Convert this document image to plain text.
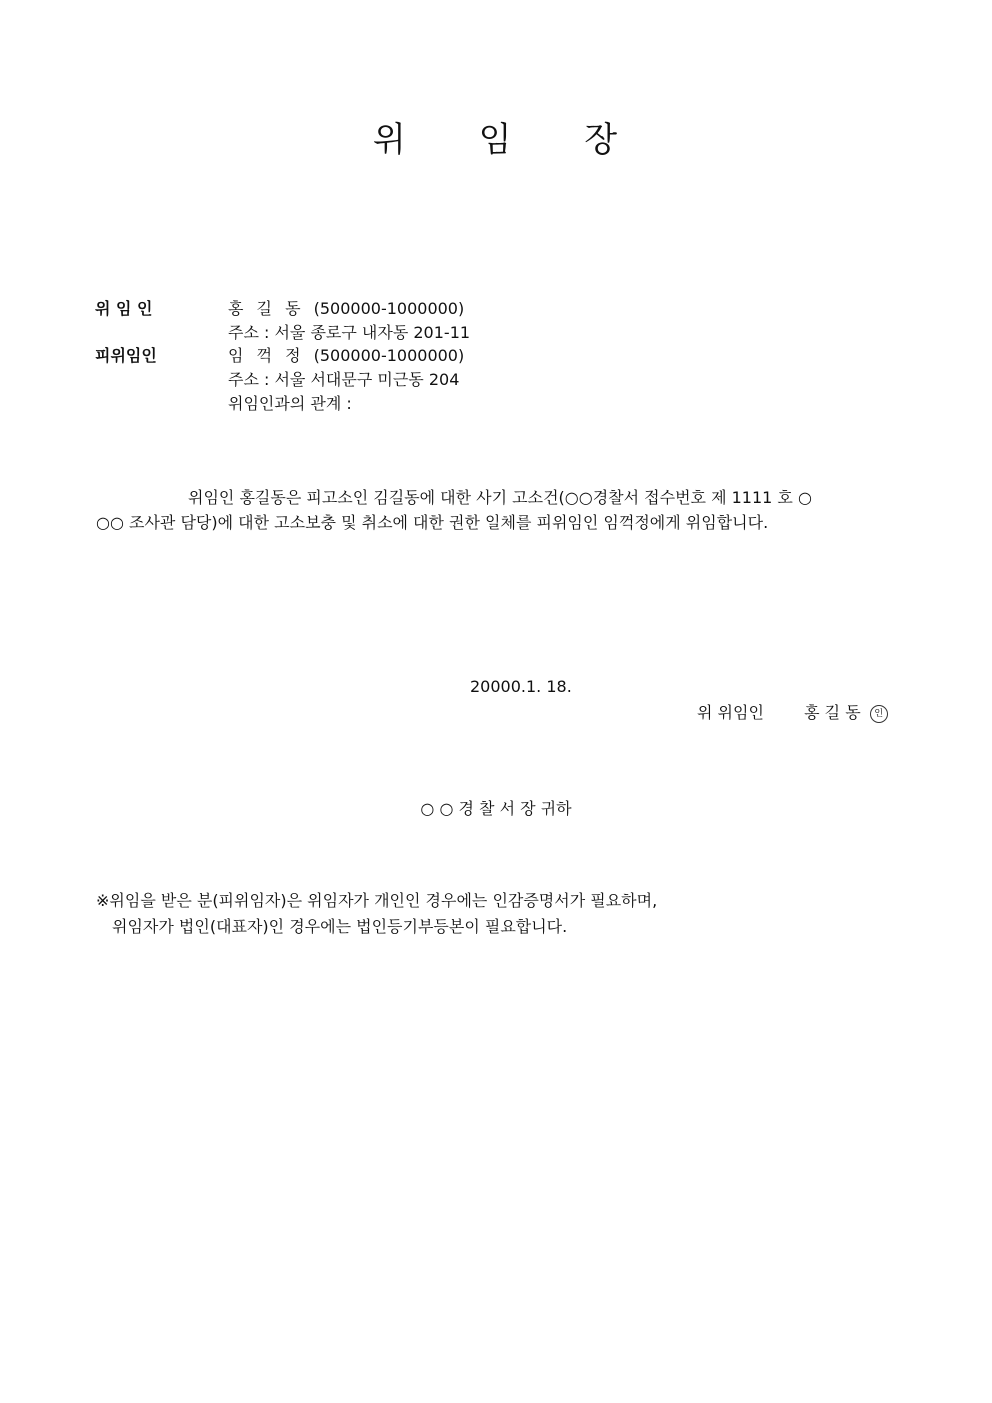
위 임 장
위 임 인	홍 길 동 (500000-1000000)
주소 : 서울 종로구 내자동 201-11
피위임인	임 꺽 정 (500000-1000000)
주소 : 서울 서대문구 미근동 204
위임인과의 관계 :
위임인 홍길동은 피고소인 김길동에 대한 사기 고소건(○○경찰서 접수번호 제 1111 호 ○
○○ 조사관 담당)에 대한 고소보충 및 취소에 대한 권한 일체를 피위임인 임꺽정에게 위임합니다.
20000.1. 18.
위 위임인	홍 길 동 인
○ ○ 경 찰 서 장 귀하
※위임을 받은 분(피위임자)은 위임자가 개인인 경우에는 인감증명서가 필요하며,
위임자가 법인(대표자)인 경우에는 법인등기부등본이 필요합니다.
